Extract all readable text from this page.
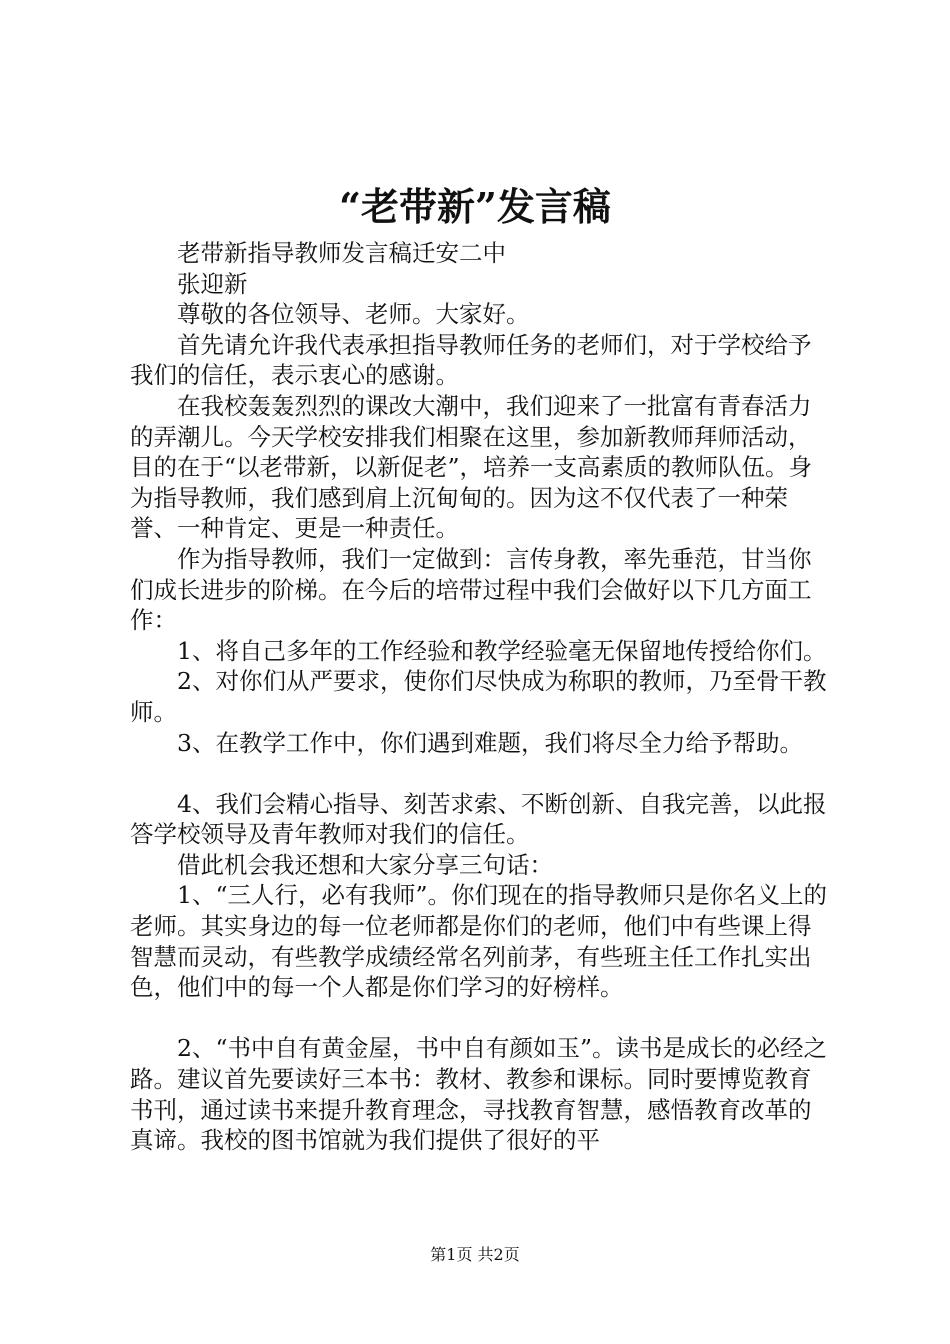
“老带新”发言稿

老带新指导教师发言稿迁安二中

张迎新

尊敬的各位领导、老师。大家好。

首先请允许我代表承担指导教师任务的老师们，对于学校给予我们的信任，表示衷心的感谢。

在我校轰轰烈烈的课改大潮中，我们迎来了一批富有青春活力的弄潮儿。今天学校安排我们相聚在这里，参加新教师拜师活动，目的在于“以老带新，以新促老”，培养一支高素质的教师队伍。身为指导教师，我们感到肩上沉甸甸的。因为这不仅代表了一种荣誉、一种肯定、更是一种责任。

作为指导教师，我们一定做到：言传身教，率先垂范，甘当你们成长进步的阶梯。在今后的培带过程中我们会做好以下几方面工作：

1、将自己多年的工作经验和教学经验毫无保留地传授给你们。

2、对你们从严要求，使你们尽快成为称职的教师，乃至骨干教师。

3、在教学工作中，你们遇到难题，我们将尽全力给予帮助。

4、我们会精心指导、刻苦求索、不断创新、自我完善，以此报答学校领导及青年教师对我们的信任。

借此机会我还想和大家分享三句话：

1、“三人行，必有我师”。你们现在的指导教师只是你名义上的老师。其实身边的每一位老师都是你们的老师，他们中有些课上得智慧而灵动，有些教学成绩经常名列前茅，有些班主任工作扎实出色，他们中的每一个人都是你们学习的好榜样。

2、“书中自有黄金屋，书中自有颜如玉”。读书是成长的必经之路。建议首先要读好三本书：教材、教参和课标。同时要博览教育书刊，通过读书来提升教育理念，寻找教育智慧，感悟教育改革的真谛。我校的图书馆就为我们提供了很好的平

第1页 共2页
